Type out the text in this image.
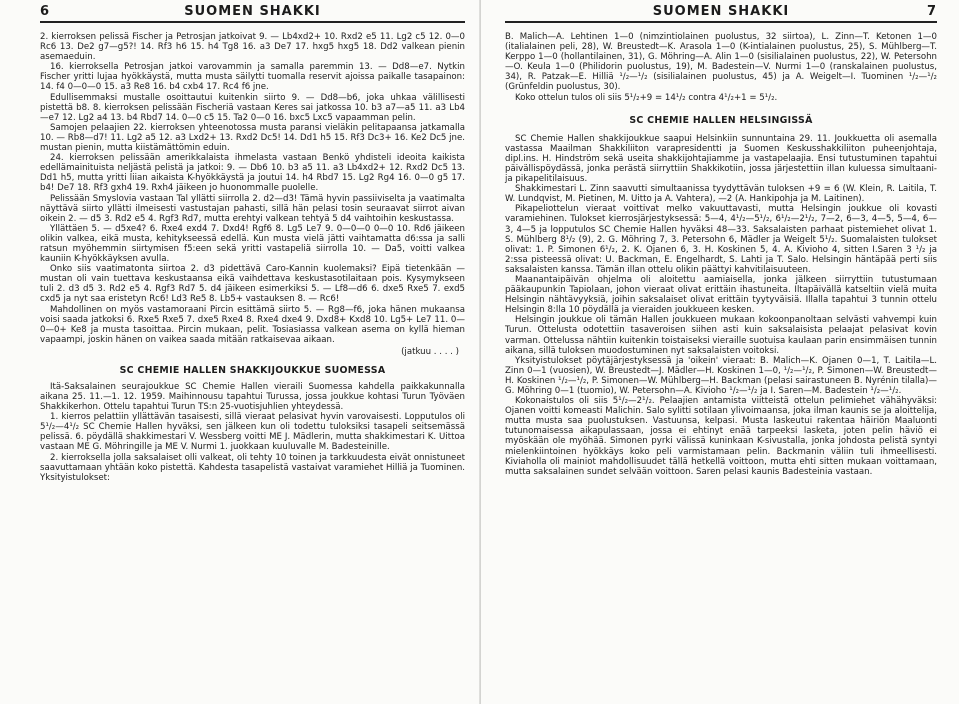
6	SUOMEN SHAKKI

2. kierroksen pelissä Fischer ja Petrosjan jatkoivat 9. — Lb4xd2+ 10. Rxd2 e5 11. Lg2 c5 12. 0—0 Rc6 13. De2 g7—g5?! 14. Rf3 h6 15. h4 Tg8 16. a3 De7 17. hxg5 hxg5 18. Dd2 valkean pienin asemaeduin.

16. kierroksella Petrosjan jatkoi varovammin ja samalla paremmin 13. — Dd8—e7. Nytkin Fischer yritti lujaa hyökkäystä, mutta musta säilytti tuomalla reservit ajoissa paikalle tasapainon: 14. f4 0—0—0 15. a3 Re8 16. b4 cxb4 17. Rc4 f6 jne.

Edullisemmaksi mustalle osoittautui kuitenkin siirto 9. — Dd8—b6, joka uhkaa välillisesti pistettä b8. 8. kierroksen pelissään Fischeriä vastaan Keres sai jatkossa 10. b3 a7—a5 11. a3 Lb4—e7 12. Lg2 a4 13. b4 Rbd7 14. 0—0 c5 15. Ta2 0—0 16. bxc5 Lxc5 vapaamman pelin.

Samojen pelaajien 22. kierroksen yhteenotossa musta paransi vieläkin pelitapaansa jatkamalla 10. — Rb8—d7! 11. Lg2 a5 12. a3 Lxd2+ 13. Rxd2 Dc5! 14. Dd1 h5 15. Rf3 Dc3+ 16. Ke2 Dc5 jne. mustan pienin, mutta kiistämättömin eduin.

24. kierroksen pelissään amerikkalaista ihmelasta vastaan Benkö yhdisteli ideoita kaikista edellämainituista neljästä pelistä ja jatkoi: 9. — Db6 10. b3 a5 11. a3 Lb4xd2+ 12. Rxd2 Dc5 13. Dd1 h5, mutta yritti liian aikaista K-hyökkäystä ja joutui 14. h4 Rbd7 15. Lg2 Rg4 16. 0—0 g5 17. b4! De7 18. Rf3 gxh4 19. Rxh4 jäikeen jo huonommalle puolelle.

Pelissään Smyslovia vastaan Tal yllätti siirrolla 2. d2—d3! Tämä hyvin passiiviselta ja vaatimalta näyttävä siirto yllätti ilmeisesti vastustajan pahasti, sillä hän pelasi tosin seuraavat siirrot aivan oikein 2. — d5 3. Rd2 e5 4. Rgf3 Rd7, mutta erehtyi valkean tehtyä 5 d4 vaihtoihin keskustassa.

Yllättäen 5. — d5xe4? 6. Rxe4 exd4 7. Dxd4! Rgf6 8. Lg5 Le7 9. 0—0—0 0—0 10. Rd6 jäikeen olikin valkea, eikä musta, kehitykseessä edellä. Kun musta vielä jätti vaihtamatta d6:ssa ja salli ratsun myöhemmin siirtymisen f5:een sekä yritti vastapeliä siirrolla 10. — Da5, voitti valkea kauniin K-hyökkäyksen avulla.

Onko siis vaatimatonta siirtoa 2. d3 pidettävä Caro-Kannin kuolemaksi? Eipä tietenkään — mustan oli vain tuettava keskustaansa eikä vaihdettava keskustasotilaitaan pois. Kysymykseen tuli 2. d3 d5 3. Rd2 e5 4. Rgf3 Rd7 5. d4 jäikeen esimerkiksi 5. — Lf8—d6 6. dxe5 Rxe5 7. exd5 cxd5 ja nyt saa eristetyn Rc6! Ld3 Re5 8. Lb5+ vastauksen 8. — Rc6!

Mahdollinen on myös vastamoraani Pircin esittämä siirto 5. — Rg8—f6, joka hänen mukaansa voisi saada jatkoksi 6. Rxe5 Rxe5 7. dxe5 Rxe4 8. Rxe4 dxe4 9. Dxd8+ Kxd8 10. Lg5+ Le7 11. 0—0—0+ Ke8 ja musta tasoittaa. Pircin mukaan, pelit. Tosiasiassa valkean asema on kyllä hieman vapaampi, joskin hänen on vaikea saada mitään ratkaisevaa aikaan.

(jatkuu . . . . )

SC CHEMIE HALLEN SHAKKIJOUKKUE SUOMESSA

Itä-Saksalainen seurajoukkue SC Chemie Hallen vieraili Suomessa kahdella paikkakunnalla aikana 25. 11.—1. 12. 1959. Maihinnousu tapahtui Turussa, jossa joukkue kohtasi Turun Työväen Shakkikerhon. Ottelu tapahtui Turun TS:n 25-vuotisjuhlien yhteydessä.

1. kierros pelattiin yllättävän tasaisesti, sillä vieraat pelasivat hyvin varovaisesti. Lopputulos oli 5¹/₂—4¹/₂ SC Chemie Hallen hyväksi, sen jälkeen kun oli todettu tuloksiksi tasapeli seitsemässä pelissä. 6. pöydällä shakkimestari V. Wessberg voitti ME J. Mädlerin, mutta shakkimestari K. Uittoa vastaan ME G. Möhringille ja ME V. Nurmi 1. juokkaan kuuluvalle M. Badesteinille.

2. kierroksella jolla saksalaiset olli valkeat, oli tehty 10 toinen ja tarkkuudesta eivät onnistuneet saavuttamaan yhtään koko pistettä. Kahdesta tasapelistä vastaivat varamiehet Hilliä ja Tuominen. Yksityistulokset:

SUOMEN SHAKKI	7

B. Malich—A. Lehtinen 1—0 (nimzintiolainen puolustus, 32 siirtoa), L. Zinn—T. Ketonen 1—0 (italialainen peli, 28), W. Breustedt—K. Arasola 1—0 (K-intialainen puolustus, 25), S. Mühlberg—T. Kerppo 1—0 (hollantilainen, 31), G. Möhring—A. Alin 1—0 (sisilialainen puolustus, 22), W. Petersohn—O. Keula 1—0 (Philidorin puolustus, 19), M. Badestein—V. Nurmi 1—0 (ranskalainen puolustus, 34), R. Patzak—E. Hilliä ¹/₂—¹/₂ (sisilialainen puolustus, 45) ja A. Weigelt—I. Tuominen ¹/₂—¹/₂ (Grünfeldin puolustus, 30).

Koko ottelun tulos oli siis 5¹/₂+9 = 14¹/₂ contra 4¹/₂+1 = 5¹/₂.

SC CHEMIE HALLEN HELSINGISSÄ

SC Chemie Hallen shakkijoukkue saapui Helsinkiin sunnuntaina 29. 11. Joukkuetta oli asemalla vastassa Maailman Shakkiliiton varapresidentti ja Suomen Keskusshakkiliiton puheenjohtaja, dipl.ins. H. Hindström sekä useita shakkijohtajiamme ja vastapelaajia. Ensi tutustuminen tapahtui päivällispöydässä, jonka perästä siirryttiin Shakkikotiin, jossa järjestettiin illan kuluessa simultaani- ja pikapelitilaisuus.

Shakkimestari L. Zinn saavutti simultaanissa tyydyttävän tuloksen +9 = 6 (W. Klein, R. Laitila, T. W. Lundqvist, M. Pietinen, M. Uitto ja A. Vahtera), —2 (A. Hankipohja ja M. Laitinen).

Pikapeliottelun vieraat voittivat melko vakuuttavasti, mutta Helsingin joukkue oli kovasti varamiehinen. Tulokset kierrosjärjestyksessä: 5—4, 4¹/₂—5¹/₂, 6¹/₂—2¹/₂, 7—2, 6—3, 4—5, 5—4, 6—3, 4—5 ja lopputulos SC Chemie Hallen hyväksi 48—33. Saksalaisten parhaat pistemiehet olivat 1. S. Mühlberg 8¹/₂ (9), 2. G. Möhring 7, 3. Petersohn 6, Mädler ja Weigelt 5¹/₂. Suomalaisten tulokset olivat: 1. P. Simonen 6¹/₂, 2. K. Ojanen 6, 3. H. Koskinen 5, 4. A. Kivioho 4, sitten I.Saren 3 ¹/₂ ja 2:ssa pisteessä olivat: U. Backman, E. Engelhardt, S. Lahti ja T. Salo. Helsingin häntäpää perti siis saksalaisten kanssa. Tämän illan ottelu olikin päättyi kahvitilaisuuteen.

Maanantaipäivän ohjelma oli aloitettu aamiaisella, jonka jälkeen siirryttiin tutustumaan pääkaupunkin Tapiolaan, johon vieraat olivat erittäin ihastuneita. Iltapäivällä katseltiin vielä muita Helsingin nähtävyyksiä, joihin saksalaiset olivat erittäin tyytyväisiä. Illalla tapahtui 3 tunnin ottelu Helsingin 8:lla 10 pöydällä ja vieraiden joukkueen kesken.

Helsingin joukkue oli tämän Hallen joukkueen mukaan kokoonpanoltaan selvästi vahvempi kuin Turun. Ottelusta odotettiin tasaveroisen siihen asti kuin saksalaisista pelaajat pelasivat kovin varman. Ottelussa nähtiin kuitenkin toistaiseksi vieraille suotuisa kaulaan parin ensimmäisen tunnin aikana, sillä tuloksen muodostuminen nyt saksalaisten voitoksi.

Yksityistulokset pöytäjärjestyksessä ja 'oikein' vieraat: B. Malich—K. Ojanen 0—1, T. Laitila—L. Zinn 0—1 (vuosien), W. Breustedt—J. Mädler—H. Koskinen 1—0, ¹/₂—¹/₂, P. Simonen—W. Breustedt—H. Koskinen ¹/₂—¹/₂, P. Simonen—W. Mühlberg—H. Backman (pelasi sairastuneen B. Nyrénin tilalla)—G. Möhring 0—1 (tuomio), W. Petersohn—A. Kivioho ¹/₂—¹/₂ ja I. Saren—M. Badestein ¹/₂—¹/₂.

Kokonaistulos oli siis 5¹/₂—2¹/₂. Pelaajien antamista viitteistä ottelun pelimiehet vähähyväksi: Ojanen voitti komeasti Malichin. Salo sylitti sotilaan ylivoimaansa, joka ilman kaunis se ja aloittelija, mutta musta saa puolustuksen. Vastuunsa, kelpasi. Musta laskeutui rakentaa häiriön Maaluonti tutunomaisessa aikapulassaan, jossa ei ehtinyt enää tarpeeksi lasketa, joten pelin häviö ei myöskään ole myöhää. Simonen pyrki välissä kuninkaan K-sivustalla, jonka johdosta pelistä syntyi mielenkiintoinen hyökkäys koko peli varmistamaan pelin. Backmanin väliin tuli ihmeellisesti. Kiviahollа oli mainiot mahdollisuudet tällä hetkellä voittoon, mutta ehti sitten mukaan voittamaan, mutta saksalainen sundet selvään voittoon. Saren pelasi kaunis Badesteinia vastaan.
